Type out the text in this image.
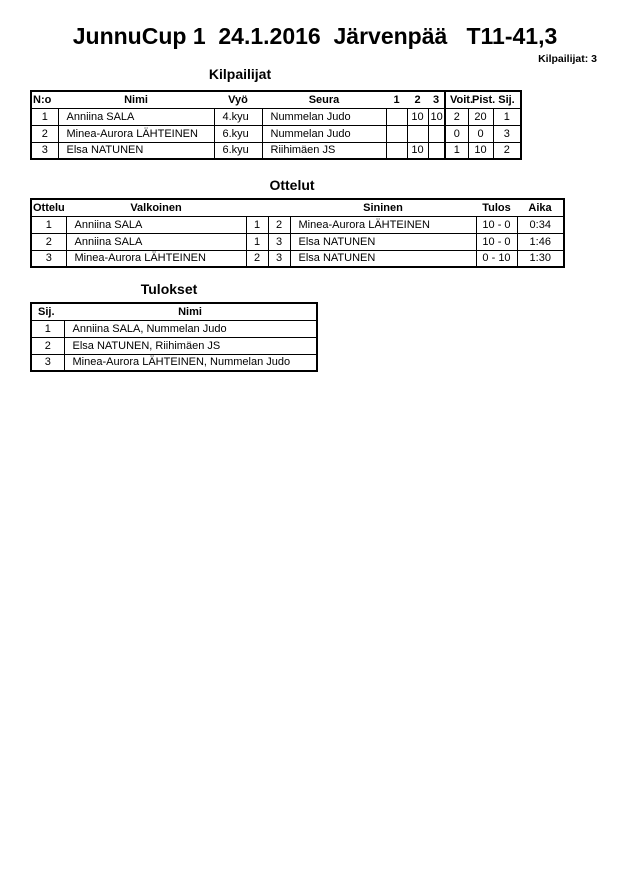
JunnuCup 1  24.1.2016  Järvenpää   T11-41,3
Kilpailijat: 3
Kilpailijat
N:o	Nimi	Vyö	Seura	1	2	3	Voit.	Pist.	Sij.
1	Anniina SALA	4.kyu	Nummelan Judo		10	10	2	20	1
2	Minea-Aurora LÄHTEINEN	6.kyu	Nummelan Judo				0	0	3
3	Elsa NATUNEN	6.kyu	Riihimäen JS		10		1	10	2
Ottelut
Ottelu	Valkoinen			Sininen	Tulos	Aika
1	Anniina SALA	1	2	Minea-Aurora LÄHTEINEN	10 - 0	0:34
2	Anniina SALA	1	3	Elsa NATUNEN	10 - 0	1:46
3	Minea-Aurora LÄHTEINEN	2	3	Elsa NATUNEN	0 - 10	1:30
Tulokset
Sij.	Nimi
1	Anniina SALA, Nummelan Judo
2	Elsa NATUNEN, Riihimäen JS
3	Minea-Aurora LÄHTEINEN, Nummelan Judo
